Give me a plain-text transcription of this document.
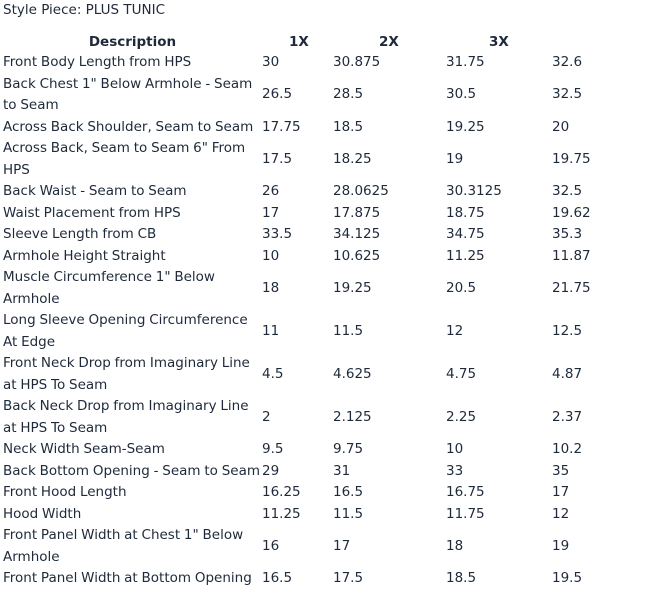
Style Piece: PLUS TUNIC
Description	1X	2X	3X	
Front Body Length from HPS	30	30.875	31.75	32.6
Back Chest 1" Below Armhole - Seam to Seam	26.5	28.5	30.5	32.5
Across Back Shoulder, Seam to Seam	17.75	18.5	19.25	20
Across Back, Seam to Seam 6" From HPS	17.5	18.25	19	19.75
Back Waist - Seam to Seam	26	28.0625	30.3125	32.5
Waist Placement from HPS	17	17.875	18.75	19.62
Sleeve Length from CB	33.5	34.125	34.75	35.3
Armhole Height Straight	10	10.625	11.25	11.87
Muscle Circumference 1" Below Armhole	18	19.25	20.5	21.75
Long Sleeve Opening Circumference At Edge	11	11.5	12	12.5
Front Neck Drop from Imaginary Line at HPS To Seam	4.5	4.625	4.75	4.87
Back Neck Drop from Imaginary Line at HPS To Seam	2	2.125	2.25	2.37
Neck Width Seam-Seam	9.5	9.75	10	10.2
Back Bottom Opening - Seam to Seam	29	31	33	35
Front Hood Length	16.25	16.5	16.75	17
Hood Width	11.25	11.5	11.75	12
Front Panel Width at Chest 1" Below Armhole	16	17	18	19
Front Panel Width at Bottom Opening	16.5	17.5	18.5	19.5
